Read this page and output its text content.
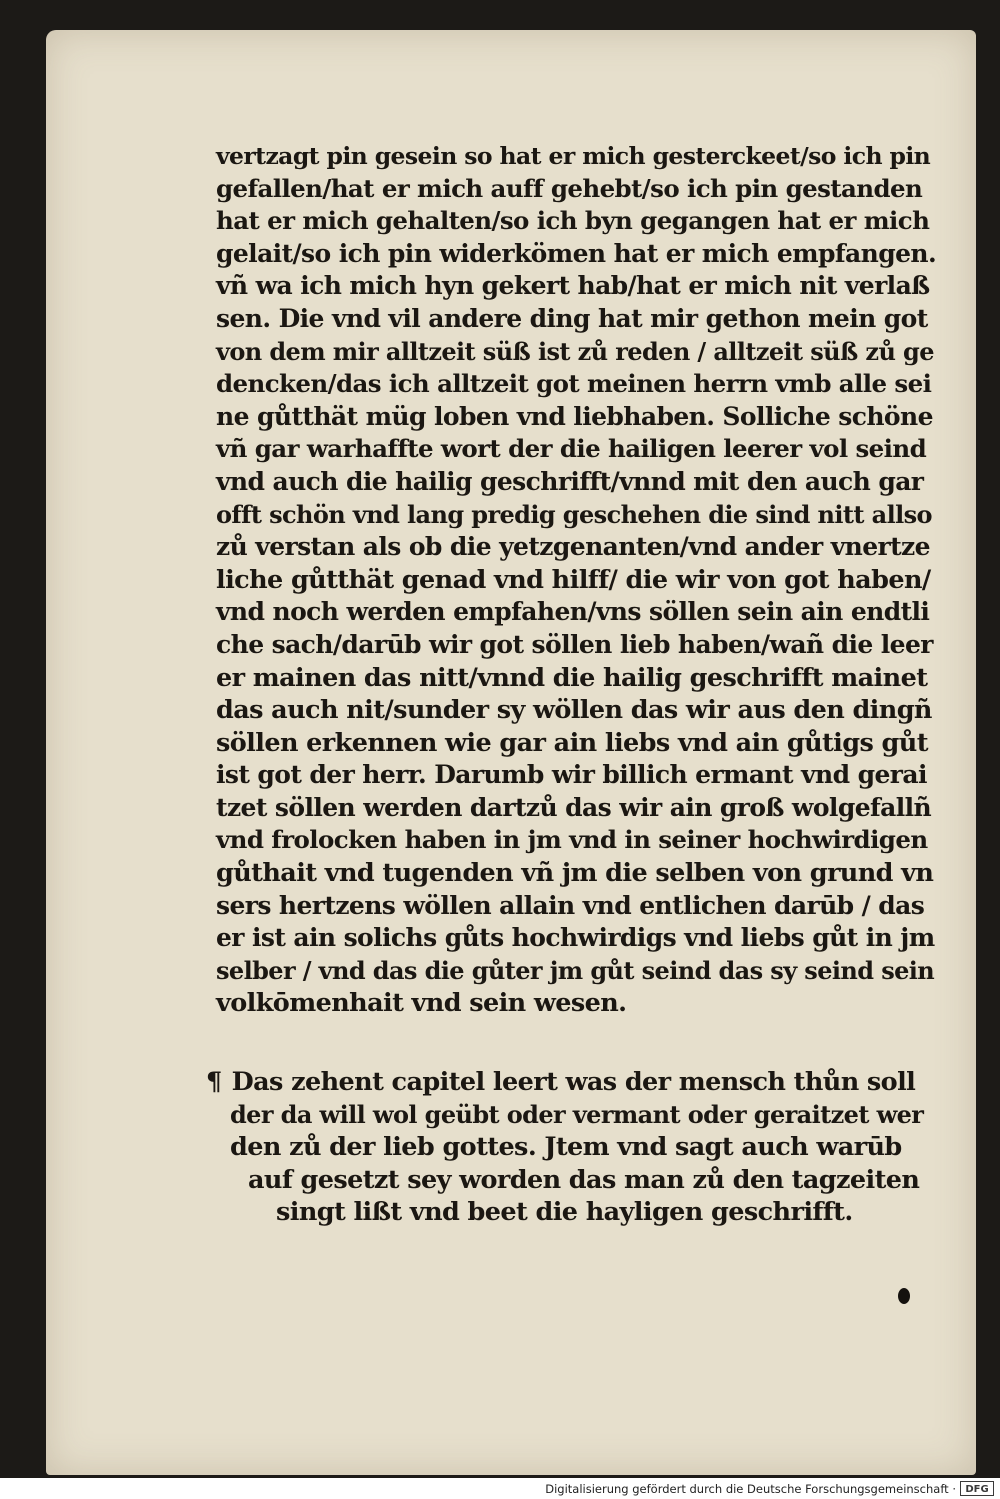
vertzagt pin gesein so hat er mich gesterckeet/so ich pin
gefallen/hat er mich auff gehebt/so ich pin gestanden
hat er mich gehalten/so ich byn gegangen hat er mich
gelait/so ich pin widerkömen hat er mich empfangen.
vñ wa ich mich hyn gekert hab/hat er mich nit verlaß
sen. Die vnd vil andere ding hat mir gethon mein got
von dem mir alltzeit süß ist zů reden / alltzeit süß zů ge
dencken/das ich alltzeit got meinen herrn vmb alle sei
ne gůtthät müg loben vnd liebhaben. Solliche schöne
vñ gar warhaffte wort der die hailigen leerer vol seind
vnd auch die hailig geschrifft/vnnd mit den auch gar
offt schön vnd lang predig geschehen die sind nitt allso
zů verstan als ob die yetzgenanten/vnd ander vnertze
liche gůtthät genad vnd hilff/ die wir von got haben/
vnd noch werden empfahen/vns söllen sein ain endtli
che sach/darūb wir got söllen lieb haben/wañ die leer
er mainen das nitt/vnnd die hailig geschrifft mainet
das auch nit/sunder sy wöllen das wir aus den dingñ
söllen erkennen wie gar ain liebs vnd ain gůtigs gůt
ist got der herr. Darumb wir billich ermant vnd gerai
tzet söllen werden dartzů das wir ain groß wolgefallñ
vnd frolocken haben in jm vnd in seiner hochwirdigen
gůthait vnd tugenden vñ jm die selben von grund vn
sers hertzens wöllen allain vnd entlichen darūb / das
er ist ain solichs gůts hochwirdigs vnd liebs gůt in jm
selber / vnd das die gůter jm gůt seind das sy seind sein
volkōmenhait vnd sein wesen.
¶ Das zehent capitel leert was der mensch thůn soll
der da will wol geübt oder vermant oder geraitzet wer
den zů der lieb gottes. Jtem vnd sagt auch warūb
auf gesetzt sey worden das man zů den tagzeiten
singt lißt vnd beet die hayligen geschrifft.
Digitalisierung gefördert durch die Deutsche Forschungsgemeinschaft · DFG
